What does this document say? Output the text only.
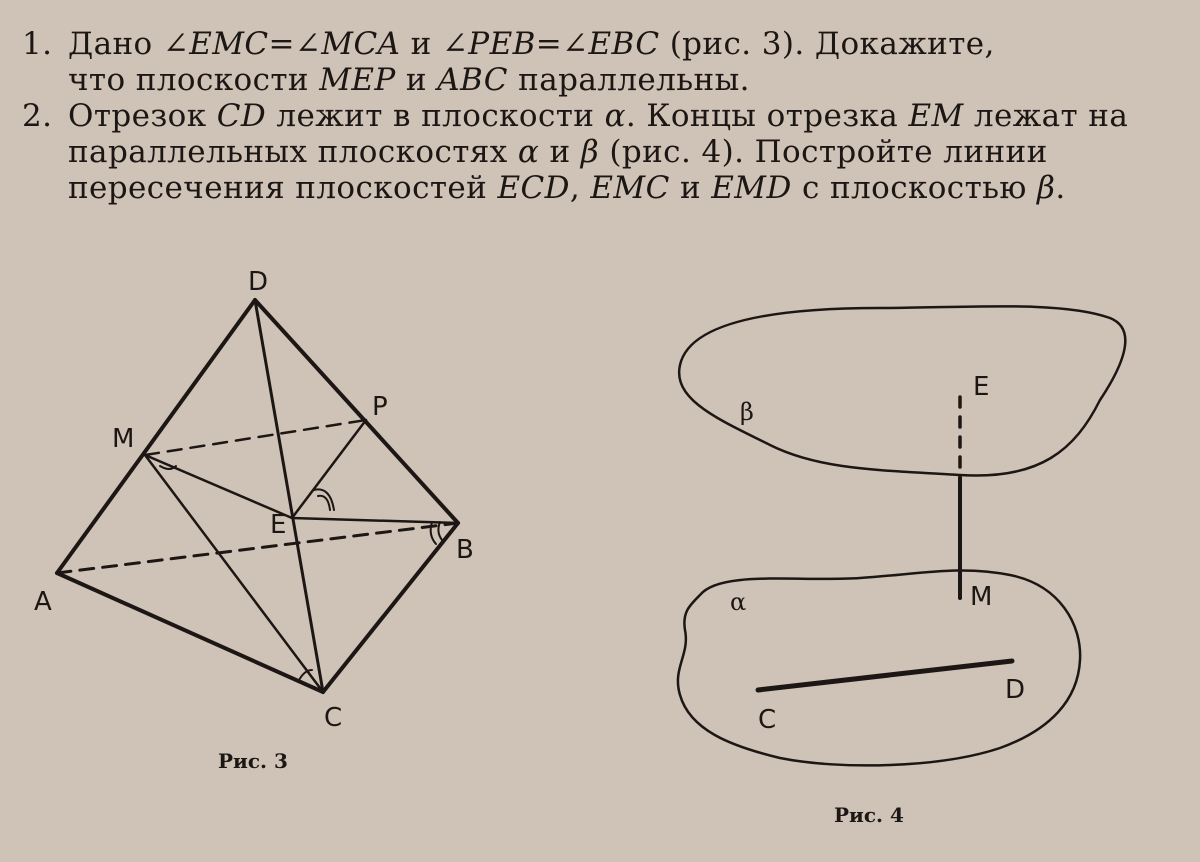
1. Дано ∠EMC=∠MCA и ∠PEB=∠EBC (рис. 3). Докажите,
что плоскости MEP и ABC параллельны.
2. Отрезок CD лежит в плоскости α. Концы отрезка EM лежат на
параллельных плоскостях α и β (рис. 4). Постройте линии
пересечения плоскостей ECD, EMC и EMD с плоскостью β.
D
M
P
E
B
A
C
Рис. 3
β
α
E
M
C
D
Рис. 4
